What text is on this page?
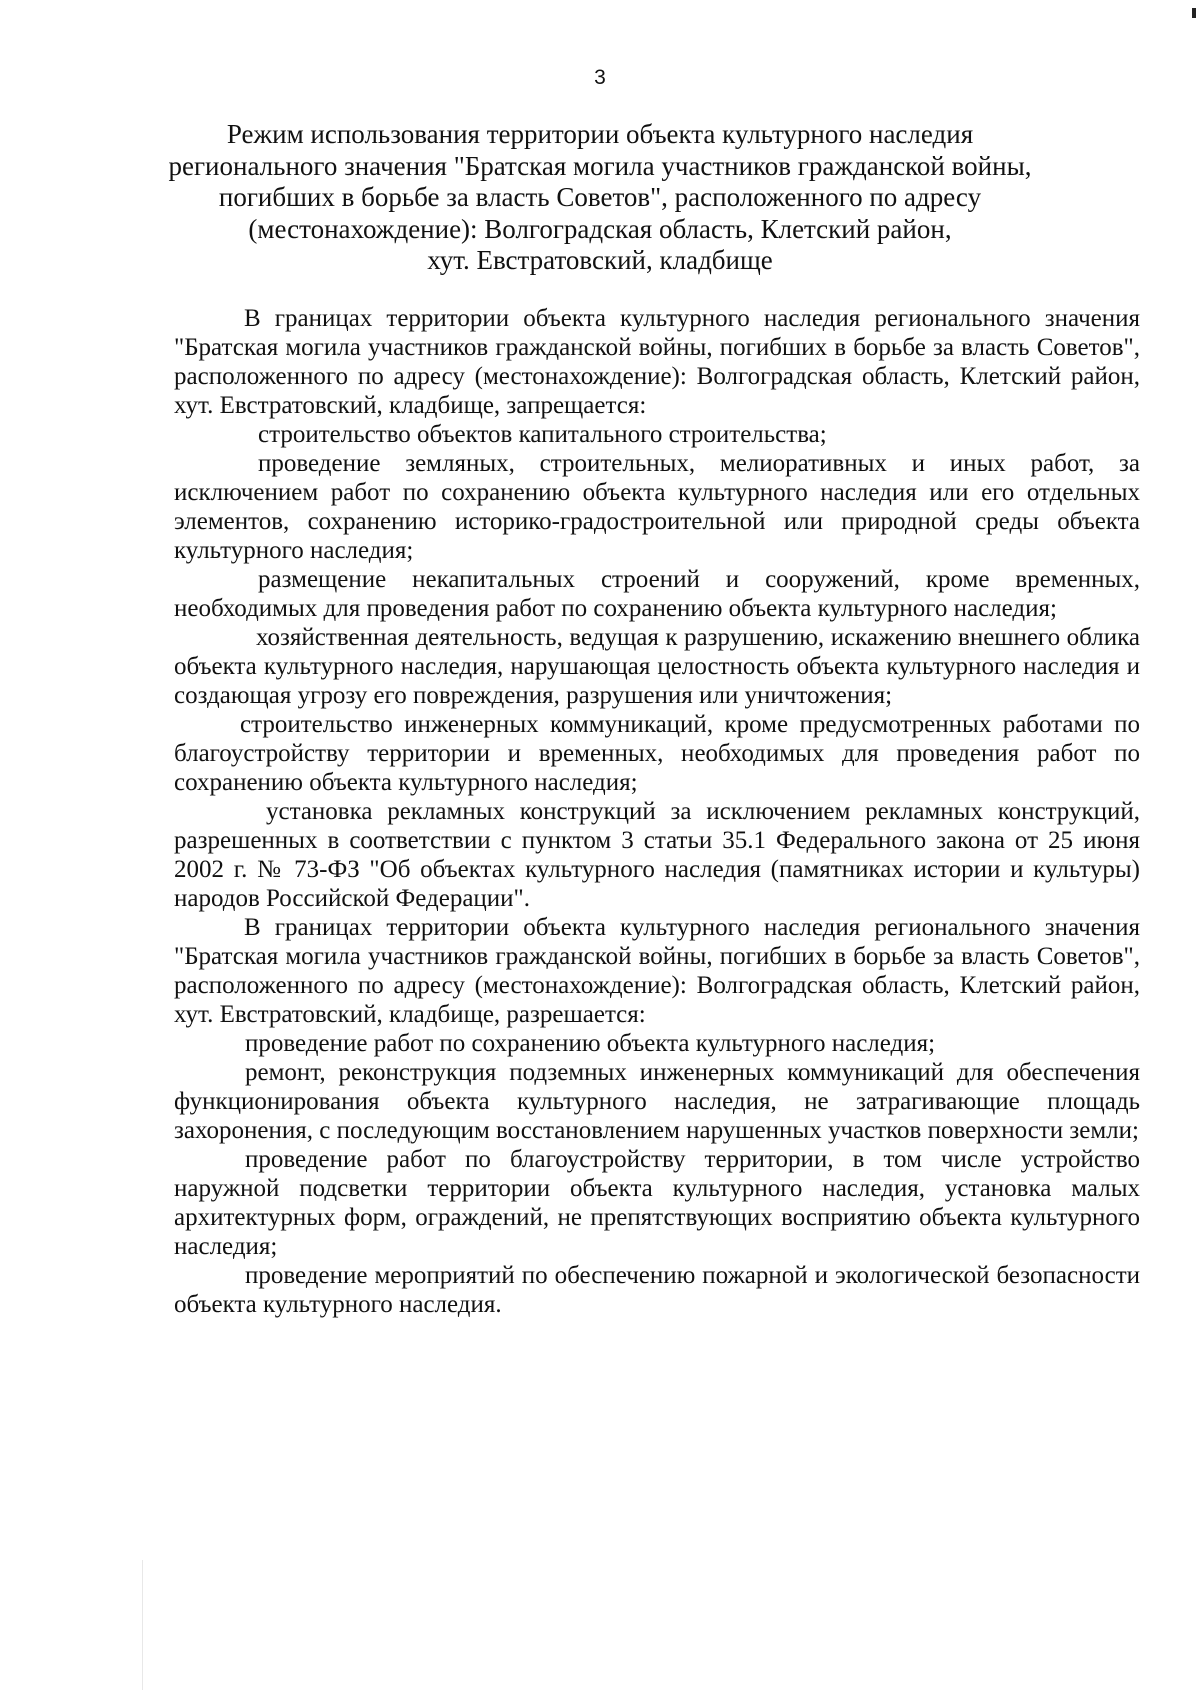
3
Режим использования территории объекта культурного наследия
регионального значения "Братская могила участников гражданской войны,
погибших в борьбе за власть Советов", расположенного по адресу
(местонахождение): Волгоградская область, Клетский район,
хут. Евстратовский, кладбище

В границах территории объекта культурного наследия регионального значения "Братская могила участников гражданской войны, погибших в борьбе за власть Советов", расположенного по адресу (местонахождение): Волгоградская область, Клетский район, хут. Евстратовский, кладбище, запрещается:

строительство объектов капитального строительства;

проведение земляных, строительных, мелиоративных и иных работ, за исключением работ по сохранению объекта культурного наследия или его отдельных элементов, сохранению историко-градостроительной или природной среды объекта культурного наследия;

размещение некапитальных строений и сооружений, кроме временных, необходимых для проведения работ по сохранению объекта культурного наследия;

хозяйственная деятельность, ведущая к разрушению, искажению внешнего облика объекта культурного наследия, нарушающая целостность объекта культурного наследия и создающая угрозу его повреждения, разрушения или уничтожения;

строительство инженерных коммуникаций, кроме предусмотренных работами по благоустройству территории и временных, необходимых для проведения работ по сохранению объекта культурного наследия;

установка рекламных конструкций за исключением рекламных конструкций, разрешенных в соответствии с пунктом 3 статьи 35.1 Федерального закона от 25 июня 2002 г. № 73-ФЗ "Об объектах культурного наследия (памятниках истории и культуры) народов Российской Федерации".

В границах территории объекта культурного наследия регионального значения "Братская могила участников гражданской войны, погибших в борьбе за власть Советов", расположенного по адресу (местонахождение): Волгоградская область, Клетский район, хут. Евстратовский, кладбище, разрешается:

проведение работ по сохранению объекта культурного наследия;

ремонт, реконструкция подземных инженерных коммуникаций для обеспечения функционирования объекта культурного наследия, не затрагивающие площадь захоронения, с последующим восстановлением нарушенных участков поверхности земли;

проведение работ по благоустройству территории, в том числе устройство наружной подсветки территории объекта культурного наследия, установка малых архитектурных форм, ограждений, не препятствующих восприятию объекта культурного наследия;

проведение мероприятий по обеспечению пожарной и экологической безопасности объекта культурного наследия.
